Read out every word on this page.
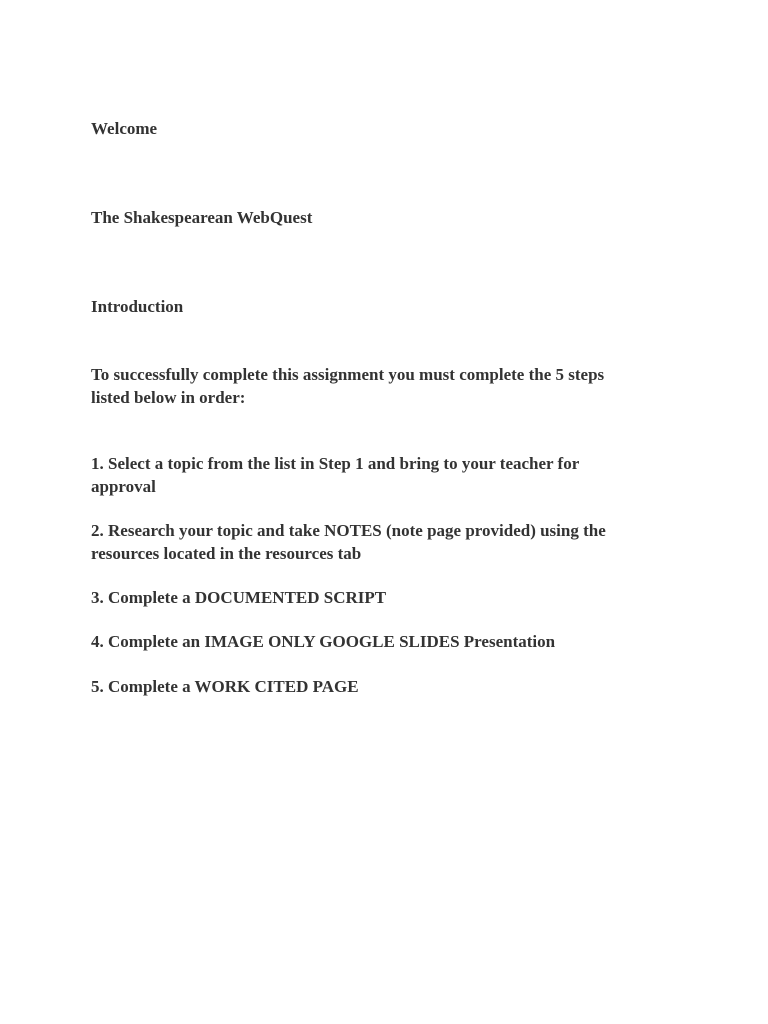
Welcome

The Shakespearean WebQuest

Introduction

To successfully complete this assignment you must complete the 5 steps
listed below in order:
1. Select a topic from the list in Step 1 and bring to your teacher for
approval
2. Research your topic and take NOTES (note page provided) using the
resources located in the resources tab

3. Complete a DOCUMENTED SCRIPT

4. Complete an IMAGE ONLY GOOGLE SLIDES Presentation

5. Complete a WORK CITED PAGE
